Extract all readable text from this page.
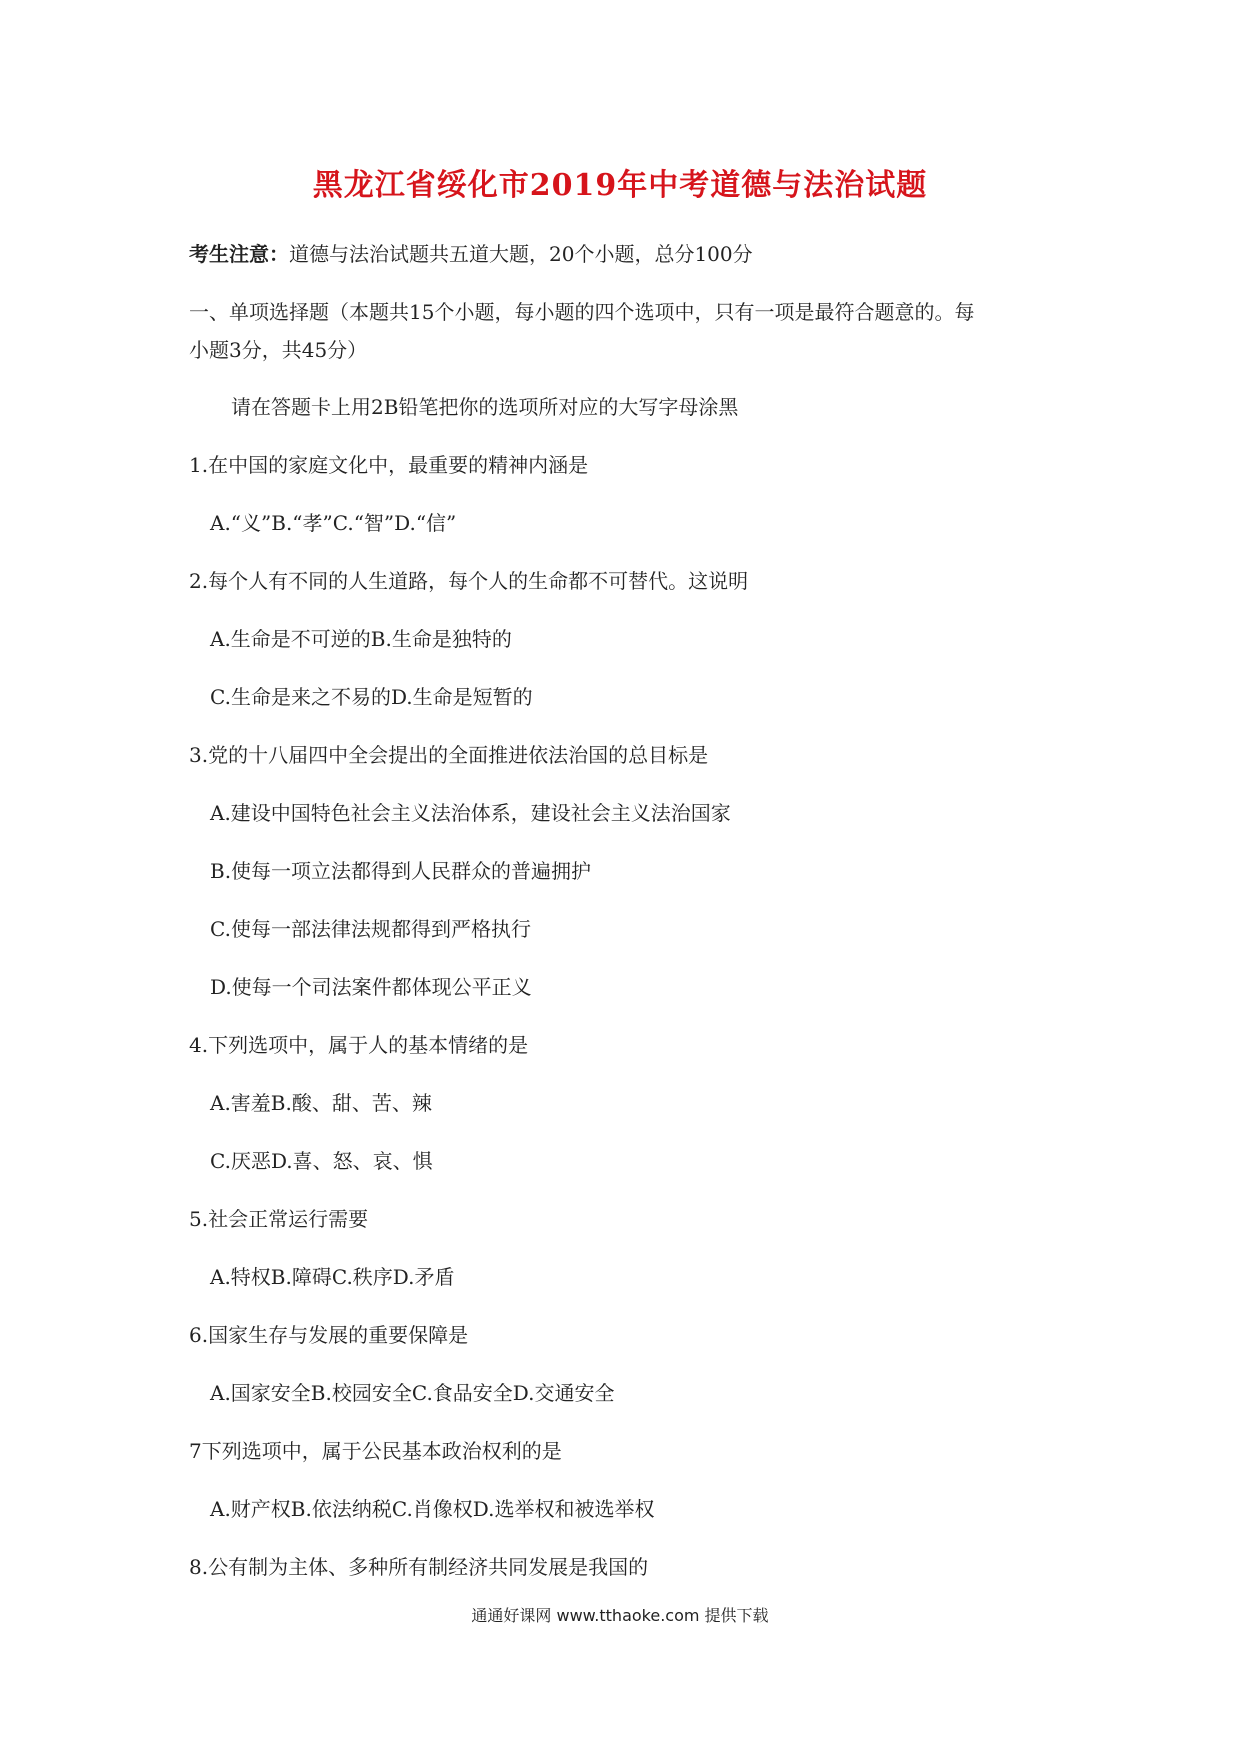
黑龙江省绥化市2019年中考道德与法治试题
考生注意：道德与法治试题共五道大题，20个小题，总分100分
一、单项选择题（本题共15个小题，每小题的四个选项中，只有一项是最符合题意的。每
小题3分，共45分）
请在答题卡上用2B铅笔把你的选项所对应的大写字母涂黑
1.在中国的家庭文化中，最重要的精神内涵是
A.“义”B.“孝”C.“智”D.“信”
2.每个人有不同的人生道路，每个人的生命都不可替代。这说明
A.生命是不可逆的B.生命是独特的
C.生命是来之不易的D.生命是短暂的
3.党的十八届四中全会提出的全面推进依法治国的总目标是
A.建设中国特色社会主义法治体系，建设社会主义法治国家
B.使每一项立法都得到人民群众的普遍拥护
C.使每一部法律法规都得到严格执行
D.使每一个司法案件都体现公平正义
4.下列选项中，属于人的基本情绪的是
A.害羞B.酸、甜、苦、辣
C.厌恶D.喜、怒、哀、惧
5.社会正常运行需要
A.特权B.障碍C.秩序D.矛盾
6.国家生存与发展的重要保障是
A.国家安全B.校园安全C.食品安全D.交通安全
7下列选项中，属于公民基本政治权利的是
A.财产权B.依法纳税C.肖像权D.选举权和被选举权
8.公有制为主体、多种所有制经济共同发展是我国的
通通好课网 www.tthaoke.com 提供下载
